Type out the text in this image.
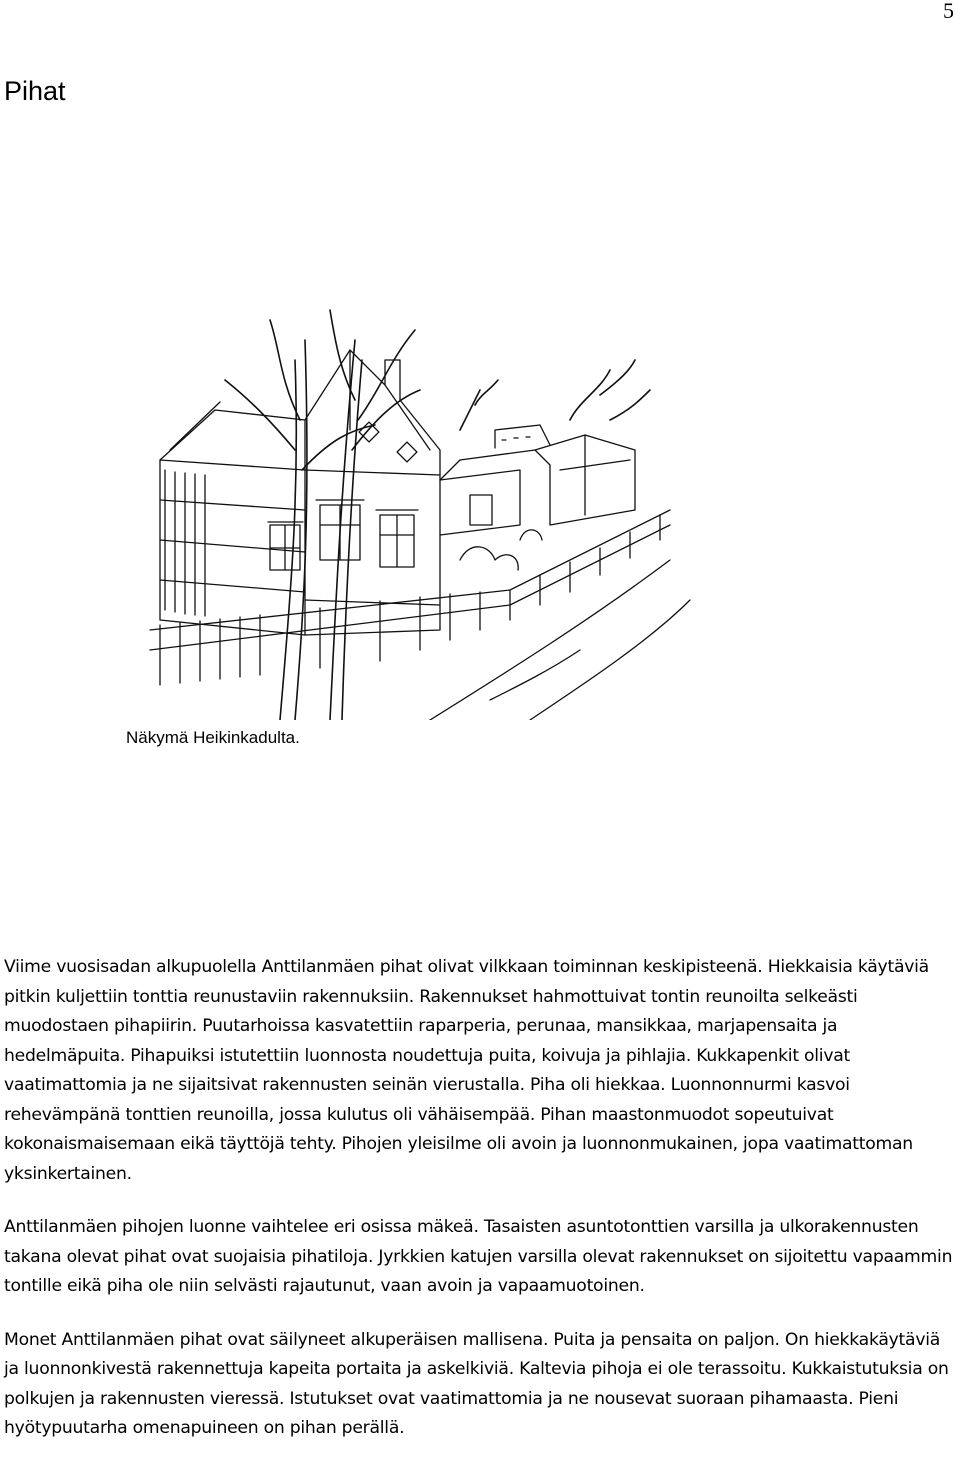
5
Pihat
Näkymä Heikinkadulta.

Viime vuosisadan alkupuolella Anttilanmäen pihat olivat vilkkaan toiminnan keskipisteenä. Hiekkaisia käytäviä pitkin kuljettiin tonttia reunustaviin rakennuksiin. Rakennukset hahmottuivat tontin reunoilta selkeästi muodostaen pihapiirin. Puutarhoissa kasvatettiin raparperia, perunaa, mansikkaa, marjapensaita ja hedelmäpuita. Pihapuiksi istutettiin luonnosta noudettuja puita, koivuja ja pihlajia. Kukkapenkit olivat vaatimattomia ja ne sijaitsivat rakennusten seinän vierustalla. Piha oli hiekkaa. Luonnonnurmi kasvoi rehevämpänä tonttien reunoilla, jossa kulutus oli vähäisempää. Pihan maastonmuodot sopeutuivat kokonaismaisemaan eikä täyttöjä tehty. Pihojen yleisilme oli avoin ja luonnonmukainen, jopa vaatimattoman yksinkertainen.

Anttilanmäen pihojen luonne vaihtelee eri osissa mäkeä. Tasaisten asuntotonttien varsilla ja ulkorakennusten takana olevat pihat ovat suojaisia pihatiloja. Jyrkkien katujen varsilla olevat rakennukset on sijoitettu vapaammin tontille eikä piha ole niin selvästi rajautunut, vaan avoin ja vapaamuotoinen.

Monet Anttilanmäen pihat ovat säilyneet alkuperäisen mallisena. Puita ja pensaita on paljon. On hiekkakäytäviä ja luonnonkivestä rakennettuja kapeita portaita ja askelkiviä. Kaltevia pihoja ei ole terassoitu. Kukkaistutuksia on polkujen ja rakennusten vieressä. Istutukset ovat vaatimattomia ja ne nousevat suoraan pihamaasta. Pieni hyötypuutarha omenapuineen on pihan perällä.
